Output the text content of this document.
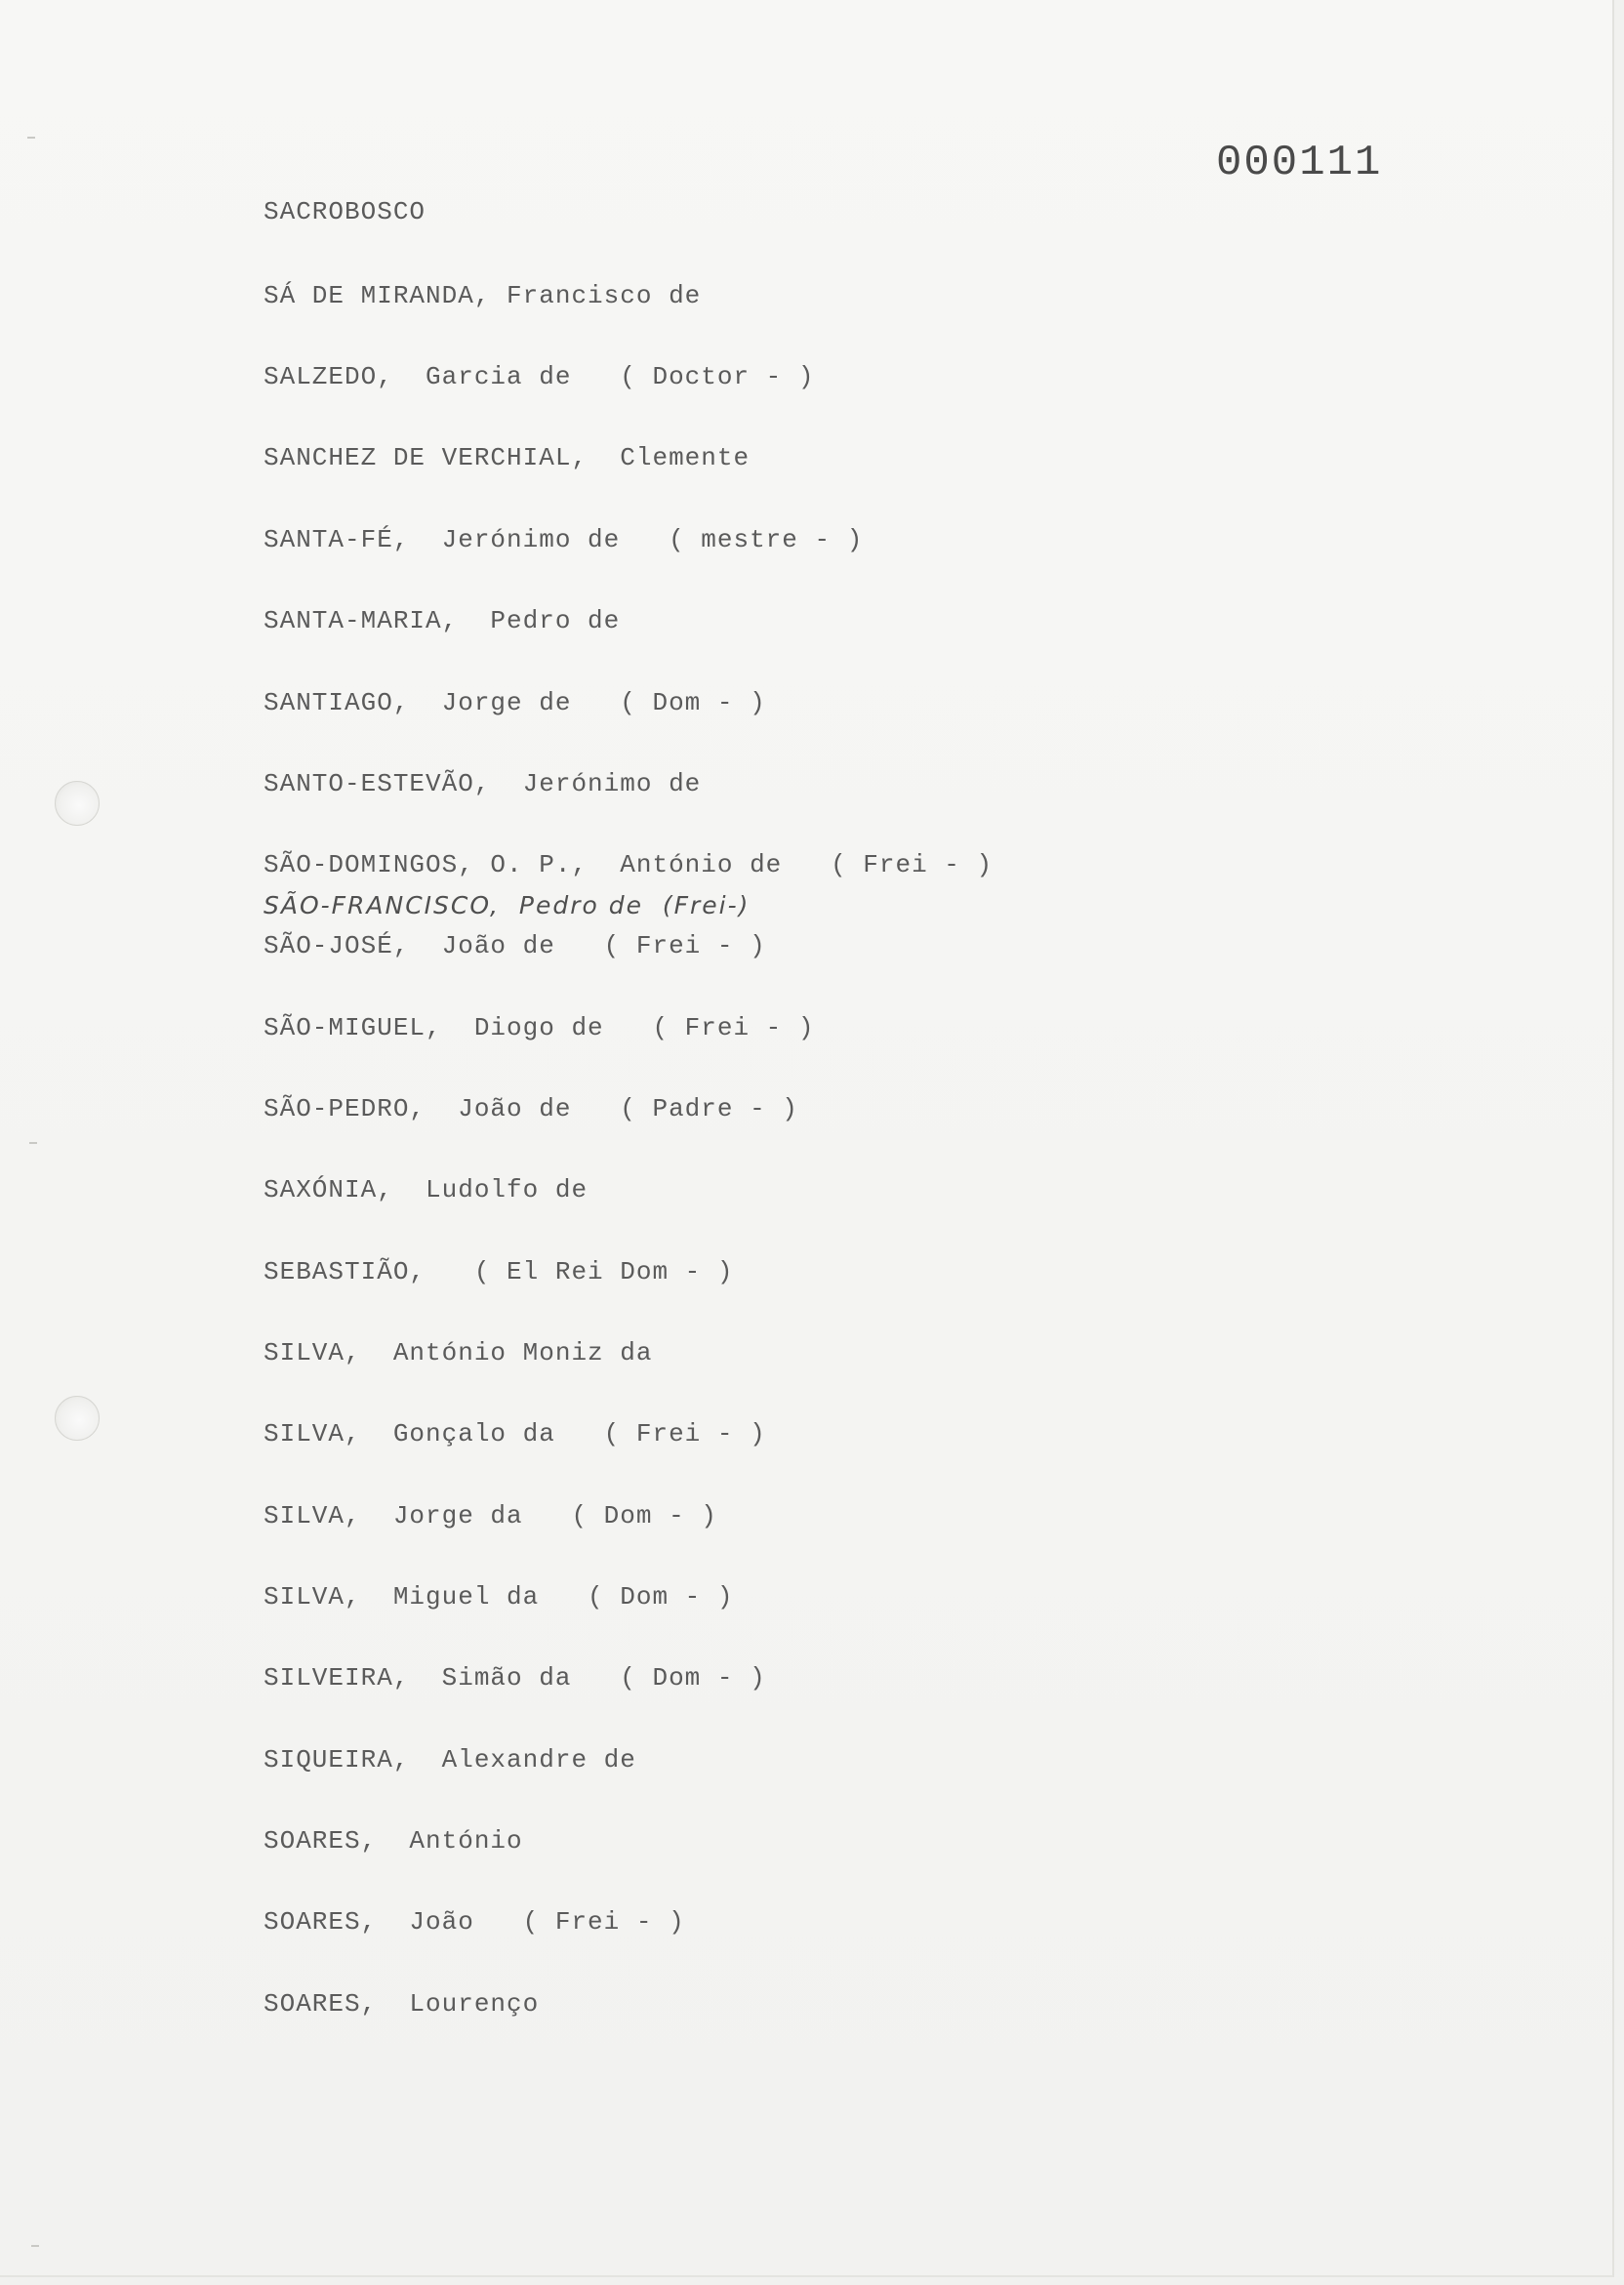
000111
SACROBOSCO
SÁ DE MIRANDA, Francisco de
SALZEDO,  Garcia de   ( Doctor - )
SANCHEZ DE VERCHIAL,  Clemente
SANTA-FÉ,  Jerónimo de   ( mestre - )
SANTA-MARIA,  Pedro de
SANTIAGO,  Jorge de   ( Dom - )
SANTO-ESTEVÃO,  Jerónimo de
SÃO-DOMINGOS, O. P.,  António de   ( Frei - )
SÃO-FRANCISCO,  Pedro de  (Frei-)
SÃO-JOSÉ,  João de   ( Frei - )
SÃO-MIGUEL,  Diogo de   ( Frei - )
SÃO-PEDRO,  João de   ( Padre - )
SAXÓNIA,  Ludolfo de
SEBASTIÃO,   ( El Rei Dom - )
SILVA,  António Moniz da
SILVA,  Gonçalo da   ( Frei - )
SILVA,  Jorge da   ( Dom - )
SILVA,  Miguel da   ( Dom - )
SILVEIRA,  Simão da   ( Dom - )
SIQUEIRA,  Alexandre de
SOARES,  António
SOARES,  João   ( Frei - )
SOARES,  Lourenço
